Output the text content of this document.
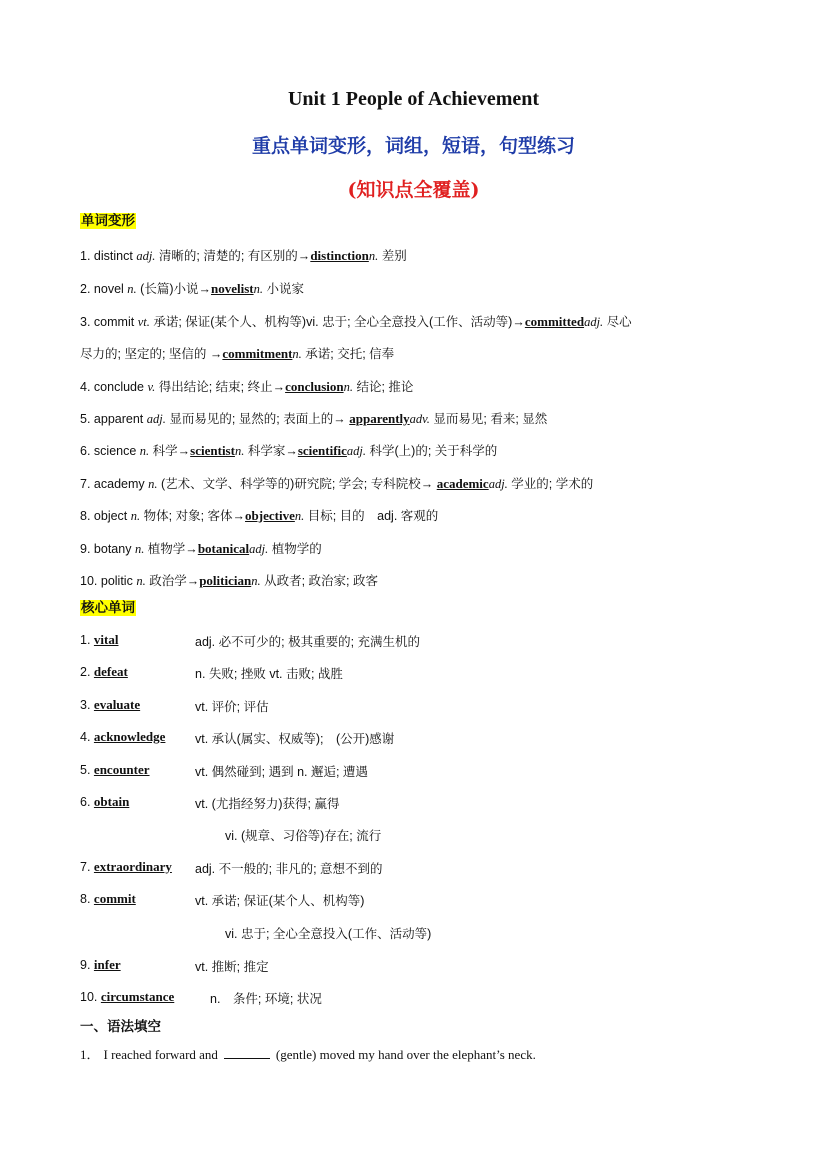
Unit 1 People of Achievement
重点单词变形，词组，短语，句型练习
(知识点全覆盖)
单词变形
1. distinct adj. 清晰的; 清楚的; 有区别的→distinctionn. 差别
2. novel n. (长篇)小说→novelistn. 小说家
3. commit vt. 承诺; 保证(某个人、机构等)vi. 忠于; 全心全意投入(工作、活动等)→committedadj. 尽心
尽力的; 坚定的; 坚信的 →commitmentn. 承诺; 交托; 信奉
4. conclude v. 得出结论; 结束; 终止→conclusionn. 结论; 推论
5. apparent adj. 显而易见的; 显然的; 表面上的→ apparentlyadv. 显而易见; 看来; 显然
6. science n. 科学→scientistn. 科学家→scientificadj. 科学(上)的; 关于科学的
7. academy n. (艺术、文学、科学等的)研究院; 学会; 专科院校→ academicadj. 学业的; 学术的
8. object n. 物体; 对象; 客体→objectiven. 目标; 目的　adj. 客观的
9. botany n. 植物学→botanicaladj. 植物学的
10. politic n. 政治学→politiciann. 从政者; 政治家; 政客
核心单词
1. vital	adj. 必不可少的; 极其重要的; 充满生机的
2. defeat	n. 失败; 挫败 vt. 击败; 战胜
3. evaluate	vt. 评价; 评估
4. acknowledge vt. 承认(属实、权威等);　(公开)感谢
5. encounter	vt. 偶然碰到; 遇到 n. 邂逅; 遭遇
6. obtain	vt. (尤指经努力)获得; 赢得
vi. (规章、习俗等)存在; 流行
7. extraordinary adj. 不一般的; 非凡的; 意想不到的
8. commit	vt. 承诺; 保证(某个人、机构等)
vi. 忠于; 全心全意投入(工作、活动等)
9. infer	vt. 推断; 推定
10. circumstance	n.　条件; 环境; 状况
一、语法填空
1． I reached forward and	(gentle) moved my hand over the elephant’s neck.
